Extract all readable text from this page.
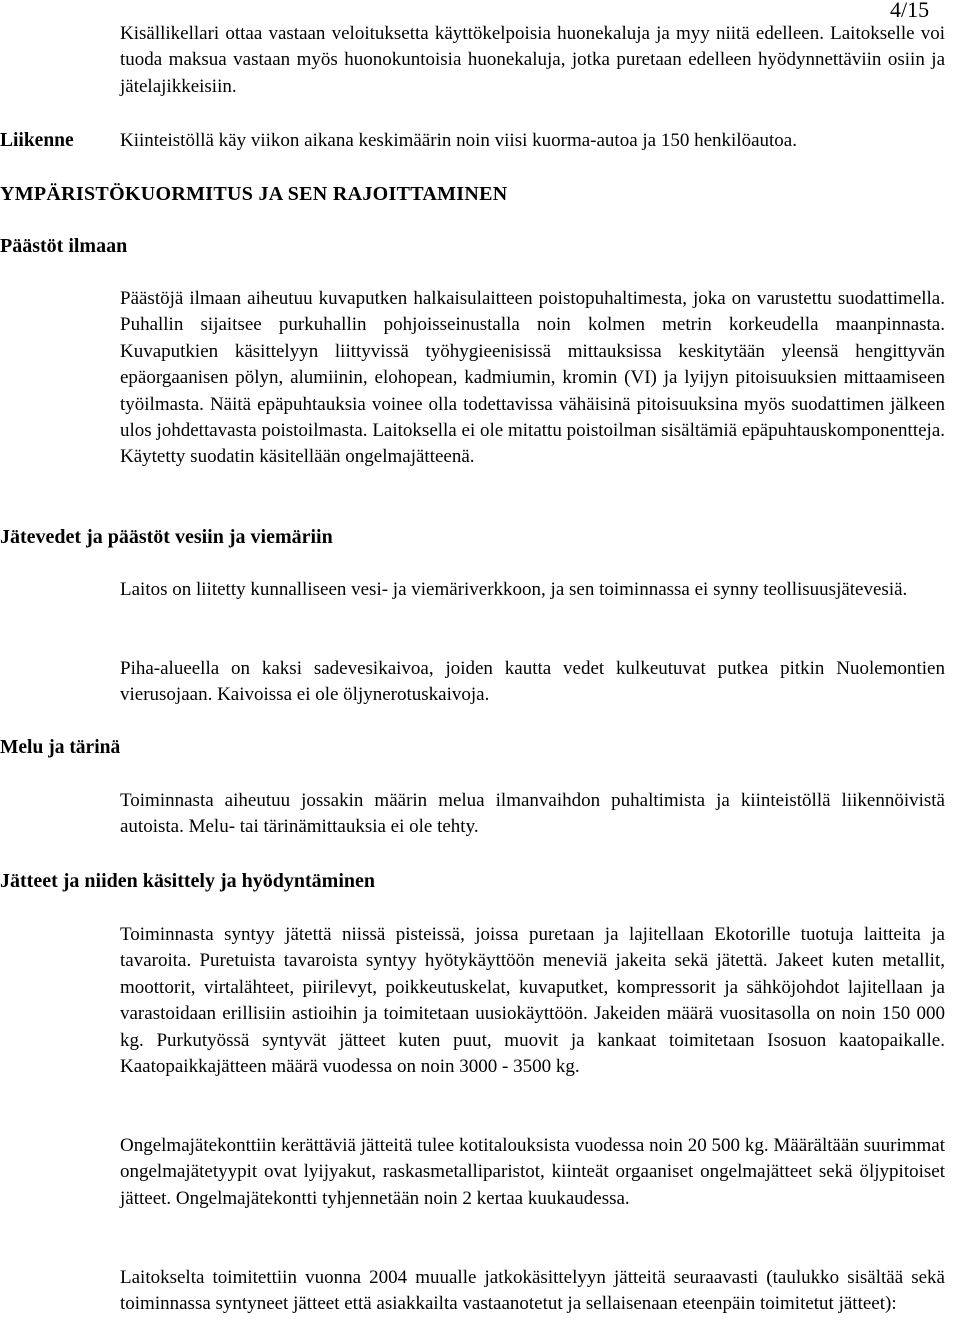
4/15
Kisällikellari ottaa vastaan veloituksetta käyttökelpoisia huonekaluja ja myy niitä edelleen. Laitokselle voi tuoda maksua vastaan myös huonokuntoisia huonekaluja, jotka puretaan edelleen hyödynnettäviin osiin ja jätelajikkeisiin.
Liikenne Kiinteistöllä käy viikon aikana keskimäärin noin viisi kuorma-autoa ja 150 henkilöautoa.
YMPÄRISTÖKUORMITUS JA SEN RAJOITTAMINEN
Päästöt ilmaan
Päästöjä ilmaan aiheutuu kuvaputken halkaisulaitteen poistopuhaltimesta, joka on varustettu suodattimella. Puhallin sijaitsee purkuhallin pohjoisseinustalla noin kolmen metrin korkeudella maanpinnasta. Kuvaputkien käsittelyyn liittyvissä työhygieenisissä mittauksissa keskitytään yleensä hengittyvän epäorgaanisen pölyn, alumiinin, elohopean, kadmiumin, kromin (VI) ja lyijyn pitoisuuksien mittaamiseen työilmasta. Näitä epäpuhtauksia voinee olla todettavissa vähäisinä pitoisuuksina myös suodattimen jälkeen ulos johdettavasta poistoilmasta. Laitoksella ei ole mitattu poistoilman sisältämiä epäpuhtauskomponentteja. Käytetty suodatin käsitellään ongelmajätteenä.
Jätevedet ja päästöt vesiin ja viemäriin
Laitos on liitetty kunnalliseen vesi- ja viemäriverkkoon, ja sen toiminnassa ei synny teollisuusjätevesiä.
Piha-alueella on kaksi sadevesikaivoa, joiden kautta vedet kulkeutuvat putkea pitkin Nuolemontien vierusojaan. Kaivoissa ei ole öljynerotuskaivoja.
Melu ja tärinä
Toiminnasta aiheutuu jossakin määrin melua ilmanvaihdon puhaltimista ja kiinteistöllä liikennöivistä autoista. Melu- tai tärinämittauksia ei ole tehty.
Jätteet ja niiden käsittely ja hyödyntäminen
Toiminnasta syntyy jätettä niissä pisteissä, joissa puretaan ja lajitellaan Ekotorille tuotuja laitteita ja tavaroita. Puretuista tavaroista syntyy hyötykäyttöön meneviä jakeita sekä jätettä. Jakeet kuten metallit, moottorit, virtalähteet, piirilevyt, poikkeutuskelat, kuvaputket, kompressorit ja sähköjohdot lajitellaan ja varastoidaan erillisiin astioihin ja toimitetaan uusiokäyttöön. Jakeiden määrä vuositasolla on noin 150 000 kg. Purkutyössä syntyvät jätteet kuten puut, muovit ja kankaat toimitetaan Isosuon kaatopaikalle. Kaatopaikkajätteen määrä vuodessa on noin 3000 - 3500 kg.
Ongelmajätekonttiin kerättäviä jätteitä tulee kotitalouksista vuodessa noin 20 500 kg. Määrältään suurimmat ongelmajätetyypit ovat lyijyakut, raskasmetalliparistot, kiinteät orgaaniset ongelmajätteet sekä öljypitoiset jätteet. Ongelmajätekontti tyhjennetään noin 2 kertaa kuukaudessa.
Laitokselta toimitettiin vuonna 2004 muualle jatkokäsittelyyn jätteitä seuraavasti (taulukko sisältää sekä toiminnassa syntyneet jätteet että asiakkailta vastaanotetut ja sellaisenaan eteenpäin toimitetut jätteet):
